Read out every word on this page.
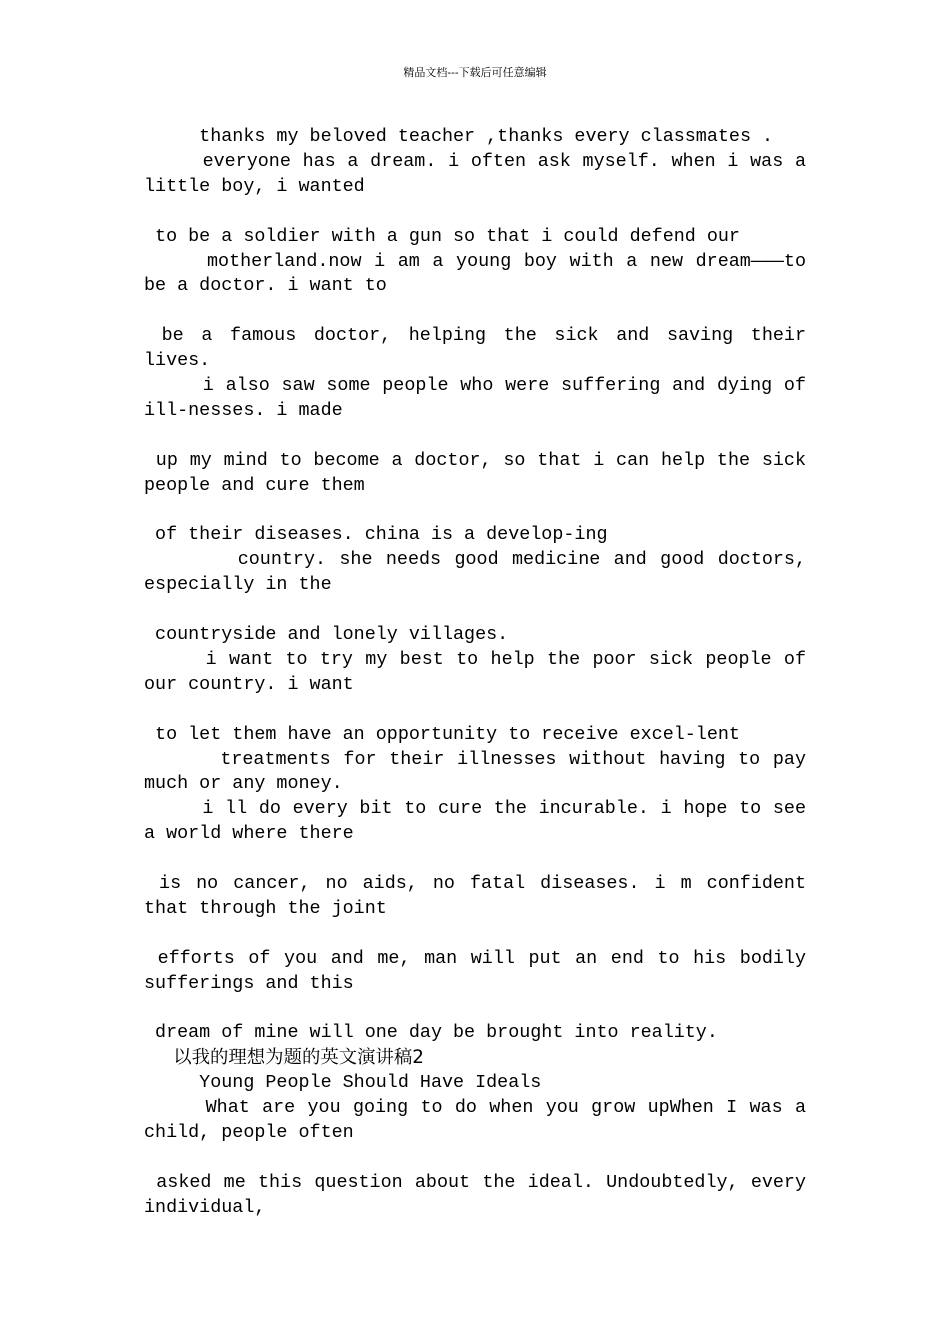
精品文档---下载后可任意编辑

thanks my beloved teacher ,thanks every classmates .

everyone has a dream. i often ask myself. when i was a

little boy, i wanted

to be a soldier with a gun so that i could defend our

motherland.now i am a young boy with a new dream———to

be a doctor. i want to

be a famous doctor, helping the sick and saving their

lives.

i also saw some people who were suffering and dying of

ill-nesses. i made

up my mind to become a doctor, so that i can help the sick

people and cure them

of their diseases. china is a develop-ing

country. she needs good medicine and good doctors,

especially in the

countryside and lonely villages.

i want to try my best to help the poor sick people of

our country. i want

to let them have an opportunity to receive excel-lent

treatments for their illnesses without having to pay

much or any money.

i ll do every bit to cure the incurable. i hope to see

a world where there

is no cancer, no aids, no fatal diseases. i m confident

that through the joint

efforts of you and me, man will put an end to his bodily

sufferings and this

dream of mine will one day be brought into reality.

以我的理想为题的英文演讲稿2

Young People Should Have Ideals

What are you going to do when you grow upWhen I was a

child, people often

asked me this question about the ideal. Undoubtedly, every

individual,
